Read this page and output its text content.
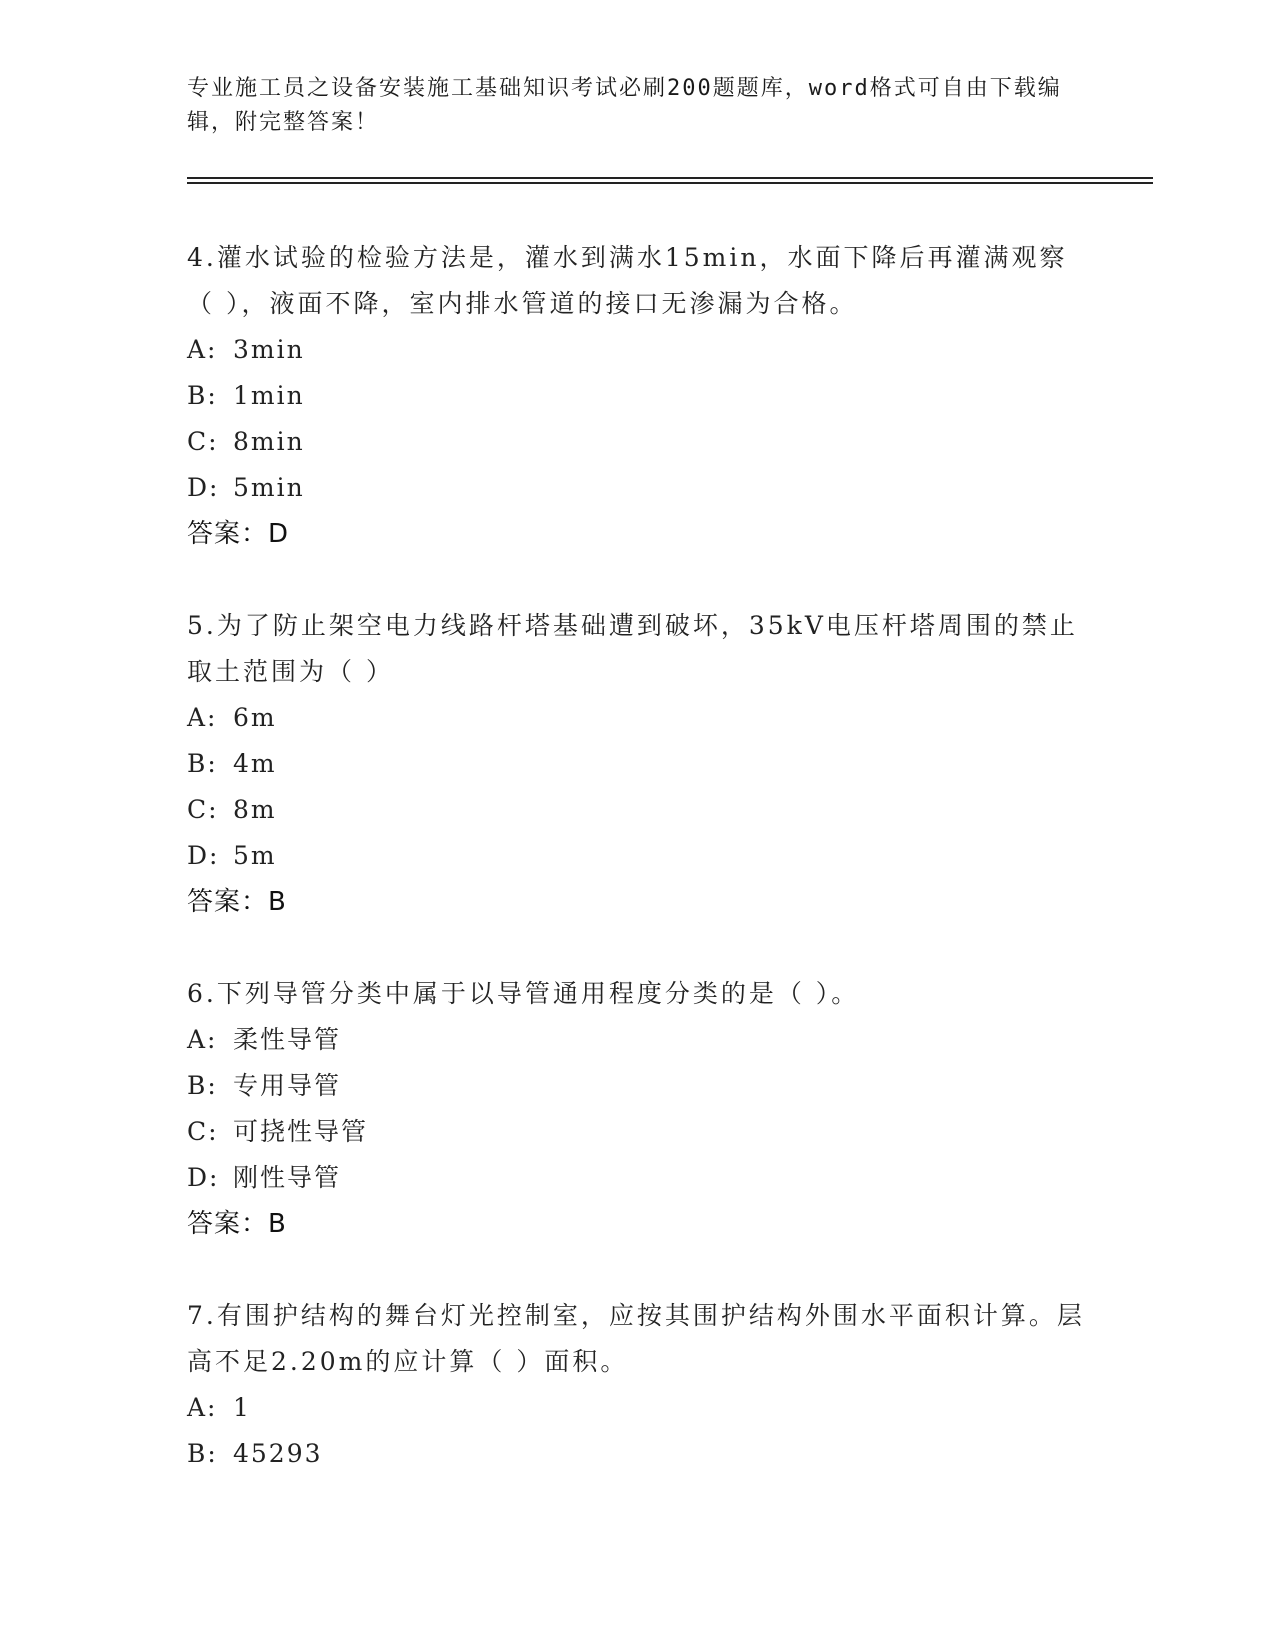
专业施工员之设备安装施工基础知识考试必刷200题题库，word格式可自由下载编辑，附完整答案！
4.灌水试验的检验方法是，灌水到满水15min，水面下降后再灌满观察（ ），液面不降，室内排水管道的接口无渗漏为合格。
A: 3min
B: 1min
C: 8min
D: 5min
答案：D
5.为了防止架空电力线路杆塔基础遭到破坏，35kV电压杆塔周围的禁止取土范围为（ ）
A: 6m
B: 4m
C: 8m
D: 5m
答案：B
6.下列导管分类中属于以导管通用程度分类的是（ ）。
A: 柔性导管
B: 专用导管
C: 可挠性导管
D: 刚性导管
答案：B
7.有围护结构的舞台灯光控制室，应按其围护结构外围水平面积计算。层高不足2.20m的应计算（ ）面积。
A: 1
B: 45293
